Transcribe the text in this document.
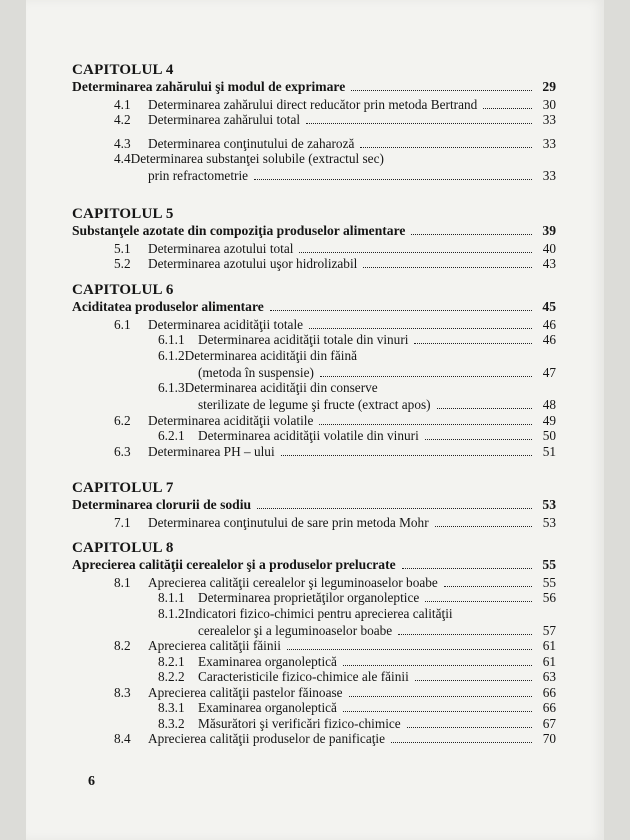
CAPITOLUL 4
Determinarea zahărului şi modul de exprimare	29
4.1	Determinarea zahărului direct reducător prin metoda Bertrand	30
4.2	Determinarea zahărului total	33
4.3	Determinarea conţinutului de zaharoză	33
4.4Determinarea substanţei solubile (extractul sec)
prin refractometrie	33
CAPITOLUL 5
Substanţele azotate din compoziţia produselor alimentare	39
5.1	Determinarea azotului total	40
5.2	Determinarea azotului uşor hidrolizabil	43
CAPITOLUL 6
Aciditatea produselor alimentare	45
6.1	Determinarea acidităţii totale	46
6.1.1	Determinarea acidităţii totale din vinuri	46
6.1.2Determinarea acidităţii din făină
(metoda în suspensie)	47
6.1.3Determinarea acidităţii din conserve
sterilizate de legume şi fructe (extract apos)	48
6.2	Determinarea acidităţii volatile	49
6.2.1	Determinarea acidităţii volatile din vinuri	50
6.3	Determinarea PH – ului	51
CAPITOLUL 7
Determinarea clorurii de sodiu	53
7.1	Determinarea conţinutului de sare prin metoda Mohr	53
CAPITOLUL 8
Aprecierea calităţii cerealelor şi a produselor prelucrate	55
8.1	Aprecierea calităţii cerealelor şi leguminoaselor boabe	55
8.1.1	Determinarea proprietăţilor organoleptice	56
8.1.2Indicatori fizico-chimici pentru aprecierea calităţii
cerealelor şi a leguminoaselor boabe	57
8.2	Aprecierea calităţii făinii	61
8.2.1	Examinarea organoleptică	61
8.2.2	Caracteristicile fizico-chimice ale făinii	63
8.3	Aprecierea calităţii pastelor făinoase	66
8.3.1	Examinarea organoleptică	66
8.3.2	Măsurători şi verificări fizico-chimice	67
8.4	Aprecierea calităţii produselor de panificaţie	70
6
